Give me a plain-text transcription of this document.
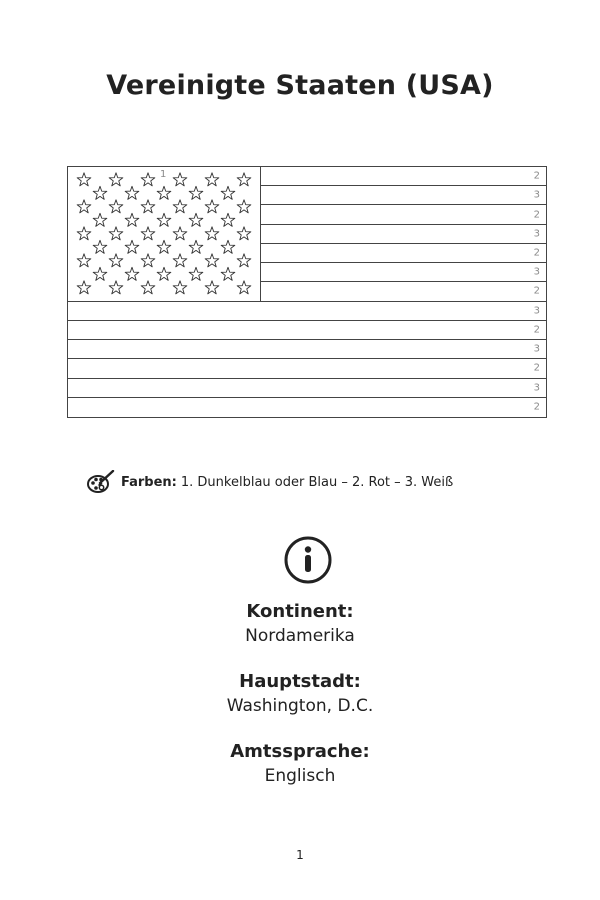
Vereinigte Staaten (USA)
2
3
2
3
2
3
2
3
2
3
2
3
2
1
Farben: 1. Dunkelblau oder Blau – 2. Rot – 3. Weiß
Kontinent:
Nordamerika
Hauptstadt:
Washington, D.C.
Amtssprache:
Englisch
1
